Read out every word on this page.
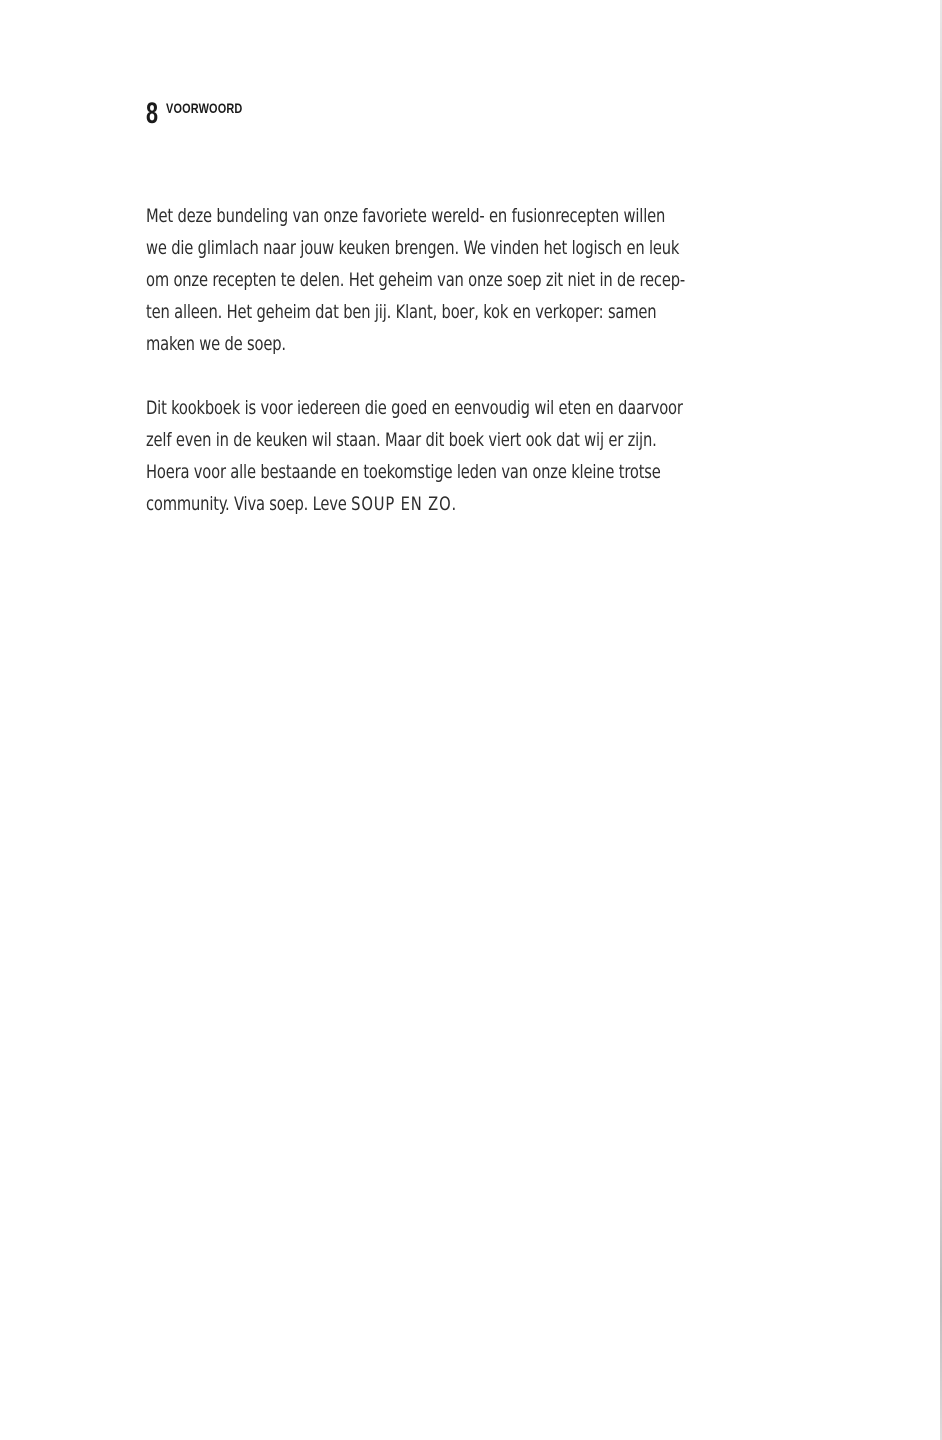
8 VOORWOORD

Met deze bundeling van onze favoriete wereld- en fusionrecepten willen
we die glimlach naar jouw keuken brengen. We vinden het logisch en leuk
om onze recepten te delen. Het geheim van onze soep zit niet in de recep-
ten alleen. Het geheim dat ben jij. Klant, boer, kok en verkoper: samen
maken we de soep.

Dit kookboek is voor iedereen die goed en eenvoudig wil eten en daarvoor
zelf even in de keuken wil staan. Maar dit boek viert ook dat wij er zijn.
Hoera voor alle bestaande en toekomstige leden van onze kleine trotse
community. Viva soep. Leve SOUP EN ZO.
